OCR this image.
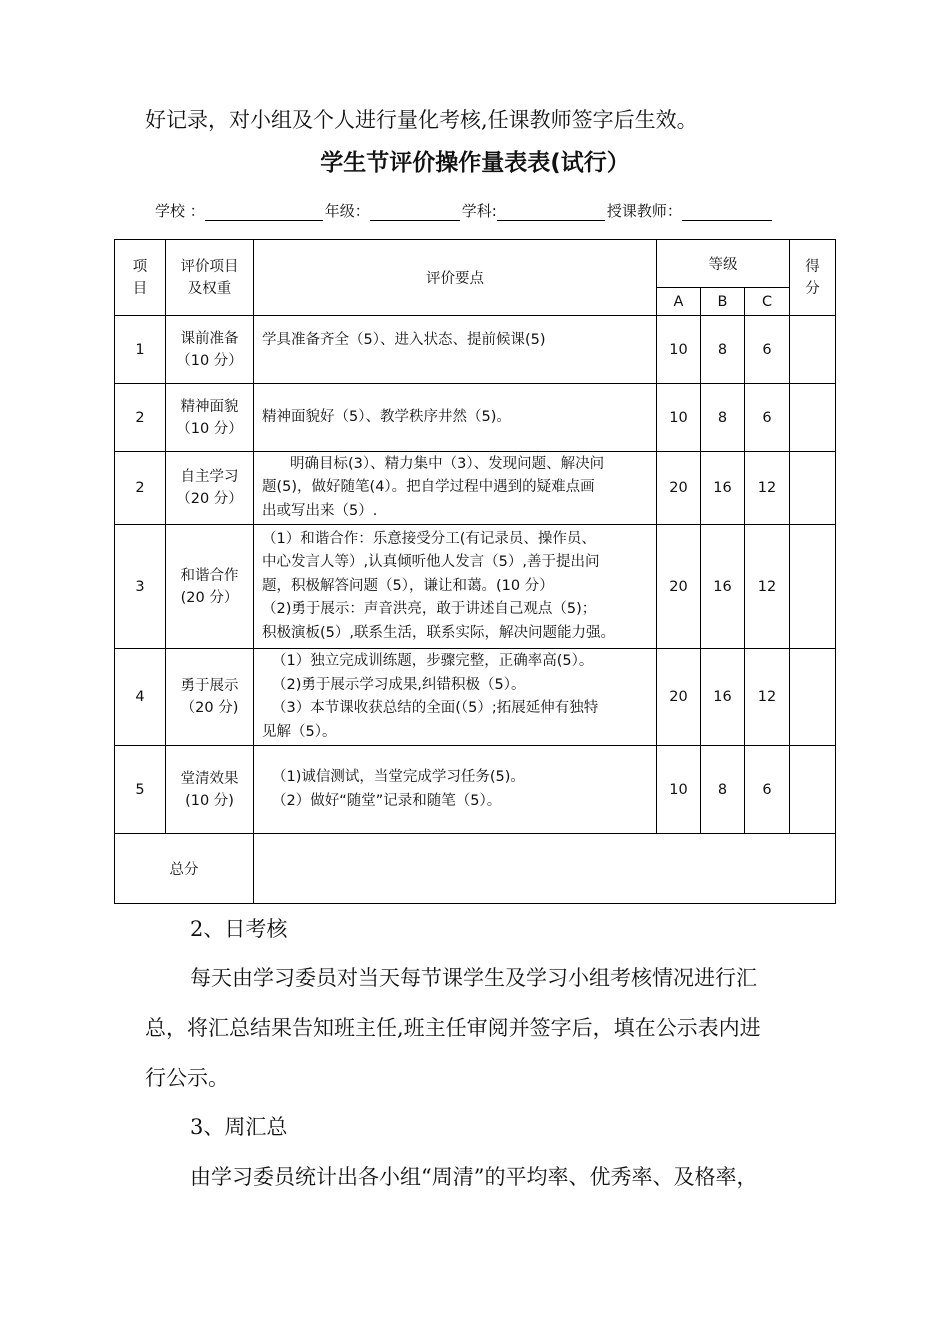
好记录，对小组及个人进行量化考核,任课教师签字后生效。
学生节评价操作量表表(试行）
学校 ：	年级：	学科:	授课教师：
项
目	评价项目
及权重	评价要点	等级			得
分

			A	B	C	
1	课前准备
（10 分）	学具准备齐全（5）、进入状态、提前候课(5)	10	8	6	
2	精神面貌
（10 分）	精神面貌好（5）、教学秩序井然（5)。	10	8	6	
2	自主学习
（20 分）	明确目标(3）、精力集中（3）、发现问题、解决问
题(5)，做好随笔(4）。把自学过程中遇到的疑难点画
出或写出来（5）.	20	16	12	
3	和谐合作
(20 分）	（1）和谐合作：乐意接受分工(有记录员、操作员、
中心发言人等）,认真倾听他人发言（5）,善于提出问
题，积极解答问题（5），谦让和蔼。(10 分）
（2)勇于展示：声音洪亮，敢于讲述自己观点（5)；
积极演板(5）,联系生活，联系实际，解决问题能力强。	20	16	12	
4	勇于展示
（20 分)	（1）独立完成训练题，步骤完整，正确率高(5）。
（2)勇于展示学习成果,纠错积极（5）。
（3）本节课收获总结的全面(（5）;拓展延伸有独特
见解（5）。	20	16	12	
5	堂清效果
(10 分)	（1)诚信测试，当堂完成学习任务(5)。
（2）做好“随堂”记录和随笔（5）。	10	8	6	
总分						
2、日考核
每天由学习委员对当天每节课学生及学习小组考核情况进行汇
总，将汇总结果告知班主任,班主任审阅并签字后，填在公示表内进
行公示。
3、周汇总
由学习委员统计出各小组“周清”的平均率、优秀率、及格率，
